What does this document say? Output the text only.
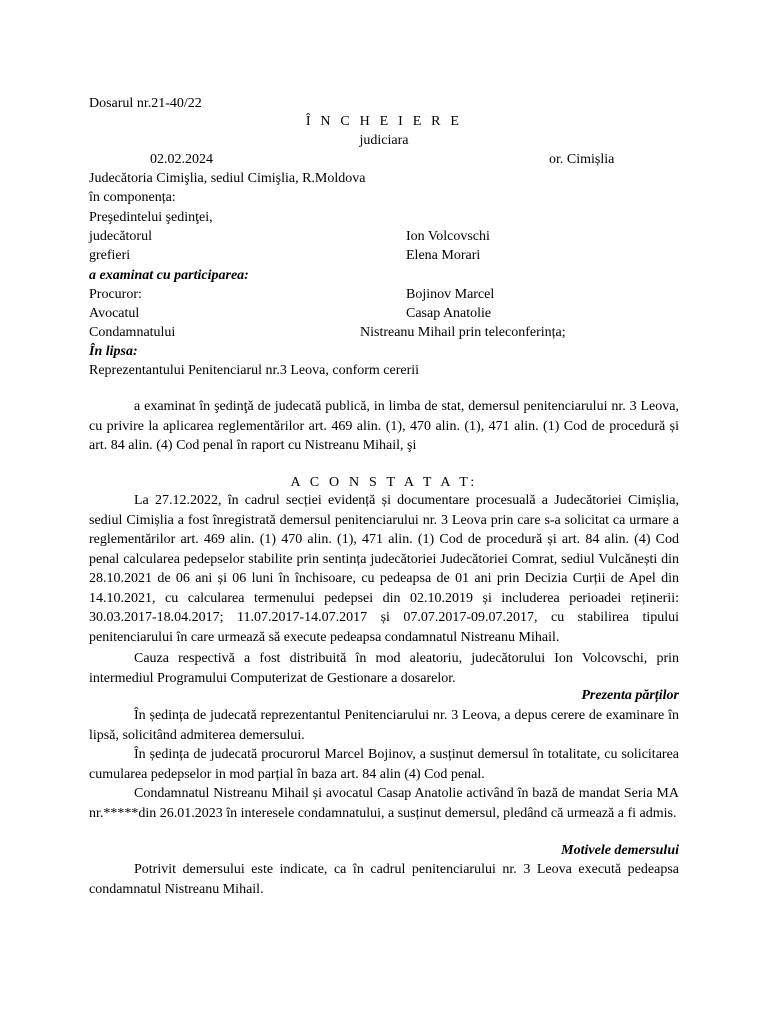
Dosarul nr.21-40/22
Î N C H E I E R E
judiciara
02.02.2024	or. Cimișlia
Judecătoria Cimişlia, sediul Cimişlia, R.Moldova
în componența:
Preşedintelui şedinţei,
judecătorul	Ion Volcovschi
grefieri	Elena Morari
a examinat cu participarea:
Procuror:	Bojinov Marcel
Avocatul	Casap Anatolie
Condamnatului	Nistreanu Mihail prin teleconferința;
În lipsa:
Reprezentantului Penitenciarul nr.3 Leova, conform cererii
a examinat în şedinţă de judecată publică, in limba de stat, demersul penitenciarului nr. 3 Leova, cu privire la aplicarea reglementărilor art. 469 alin. (1), 470 alin. (1), 471 alin. (1) Cod de procedură și art. 84 alin. (4) Cod penal în raport cu Nistreanu Mihail, şi
A C O N S T A T A T:
La 27.12.2022, în cadrul secției evidență și documentare procesuală a Judecătoriei Cimișlia, sediul Cimișlia a fost înregistrată demersul penitenciarului nr. 3 Leova prin care s-a solicitat ca urmare a reglementărilor art. 469 alin. (1) 470 alin. (1), 471 alin. (1) Cod de procedură și art. 84 alin. (4) Cod penal calcularea pedepselor stabilite prin sentința judecătoriei Judecătoriei Comrat, sediul Vulcănești din 28.10.2021 de 06 ani și 06 luni în închisoare, cu pedeapsa de 01 ani prin Decizia Curții de Apel din 14.10.2021, cu calcularea termenului pedepsei din 02.10.2019 și includerea perioadei reținerii: 30.03.2017-18.04.2017; 11.07.2017-14.07.2017 și 07.07.2017-09.07.2017, cu stabilirea tipului penitenciarului în care urmează să execute pedeapsa condamnatul Nistreanu Mihail.
Cauza respectivă a fost distribuită în mod aleatoriu, judecătorului Ion Volcovschi, prin intermediul Programului Computerizat de Gestionare a dosarelor.
Prezenta părților
În ședința de judecată reprezentantul Penitenciarului nr. 3 Leova, a depus cerere de examinare în lipsă, solicitând admiterea demersului.
În ședința de judecată procurorul Marcel Bojinov, a susținut demersul în totalitate, cu solicitarea cumularea pedepselor in mod parțial în baza art. 84 alin (4) Cod penal.
Condamnatul Nistreanu Mihail și avocatul Casap Anatolie activând în bază de mandat Seria MA nr.*****din 26.01.2023 în interesele condamnatului, a susținut demersul, pledând că urmează a fi admis.
Motivele demersului
Potrivit demersului este indicate, ca în cadrul penitenciarului nr. 3 Leova execută pedeapsa condamnatul Nistreanu Mihail.
